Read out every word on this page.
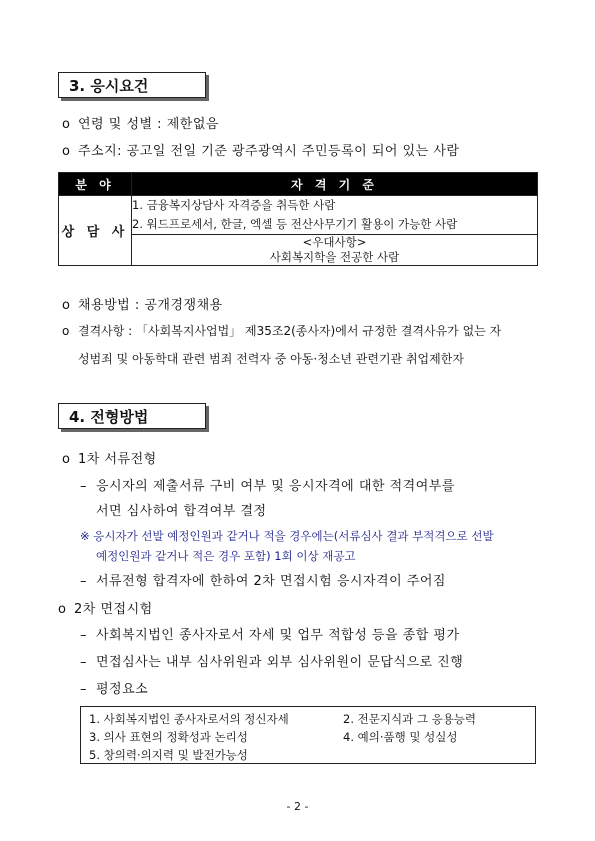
3. 응시요건
o 연령 및 성별 : 제한없음
o 주소지: 공고일 전일 기준 광주광역시 주민등록이 되어 있는 사람
분 야	자 격 기 준
상 담 사	1. 금융복지상담사 자격증을 취득한 사람
2. 워드프로세서, 한글, 엑셀 등 전산사무기기 활용이 가능한 사람

	<우대사항>
사회복지학을 전공한 사람
o 채용방법 : 공개경쟁채용
o 결격사항 : 「사회복지사업법」 제35조2(종사자)에서 규정한 결격사유가 없는 자
성범죄 및 아동학대 관련 범죄 전력자 중 아동·청소년 관련기관 취업제한자
4. 전형방법
o 1차 서류전형
– 응시자의 제출서류 구비 여부 및 응시자격에 대한 적격여부를
서면 심사하여 합격여부 결정
※ 응시자가 선발 예정인원과 같거나 적을 경우에는(서류심사 결과 부적격으로 선발
예정인원과 같거나 적은 경우 포함) 1회 이상 재공고
– 서류전형 합격자에 한하여 2차 면접시험 응시자격이 주어짐
o 2차 면접시험
– 사회복지법인 종사자로서 자세 및 업무 적합성 등을 종합 평가
– 면접심사는 내부 심사위원과 외부 심사위원이 문답식으로 진행
– 평정요소
1. 사회복지법인 종사자로서의 정신자세	2. 전문지식과 그 응용능력
3. 의사 표현의 정확성과 논리성	4. 예의·품행 및 성실성
5. 창의력·의지력 및 발전가능성
- 2 -
